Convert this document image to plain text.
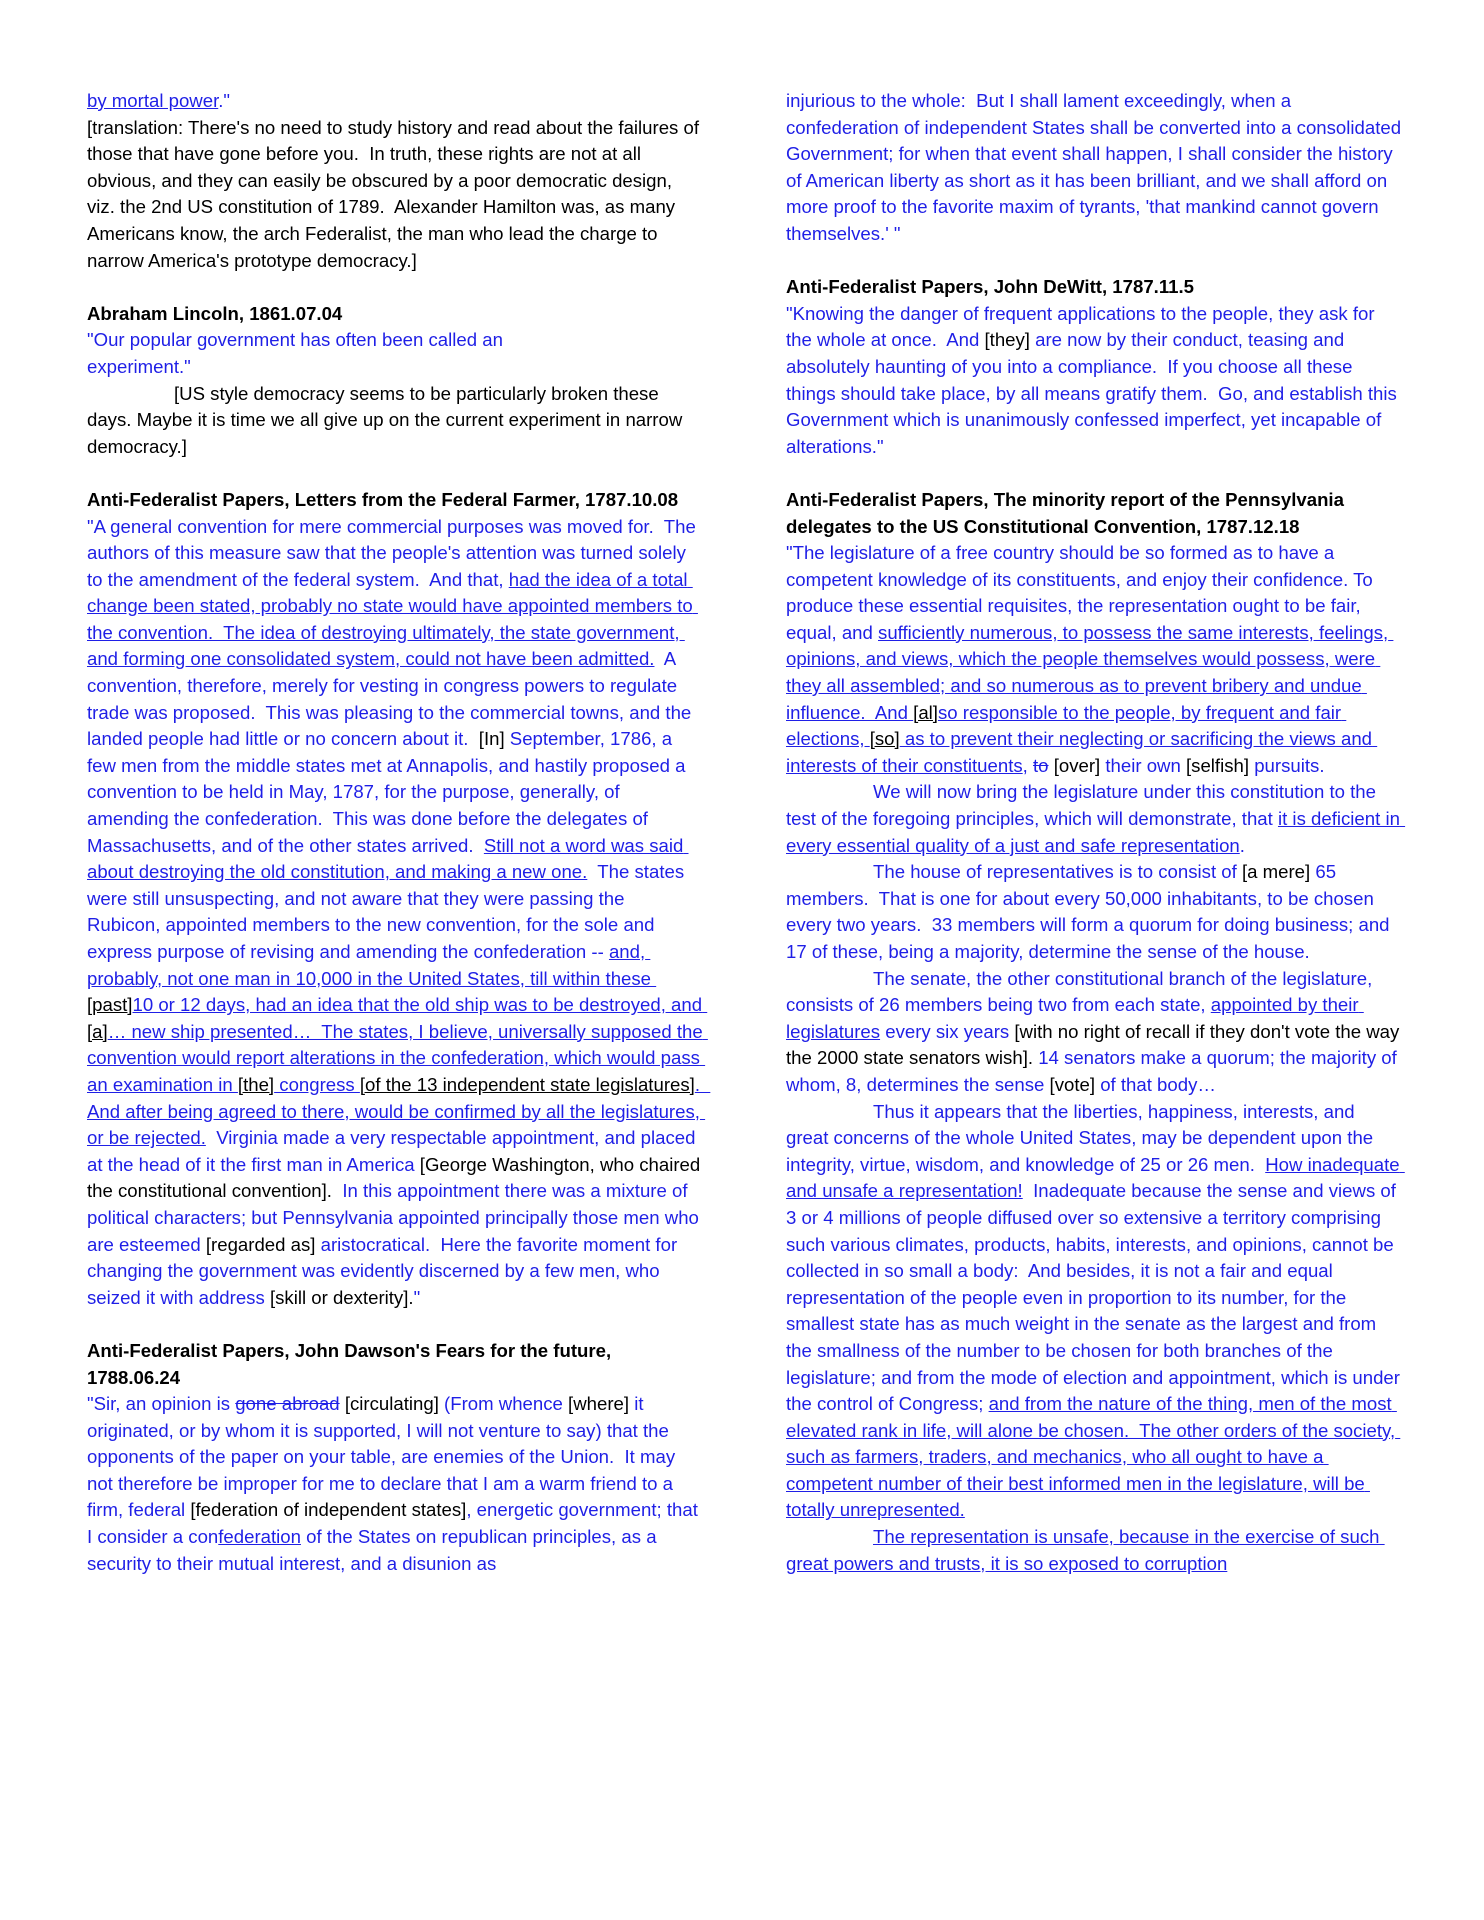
by mortal power."

[translation: There's no need to study history and read about the failures of those that have gone before you.  In truth, these rights are not at all obvious, and they can easily be obscured by a poor democratic design, viz. the 2nd US constitution of 1789.  Alexander Hamilton was, as many Americans know, the arch Federalist, the man who lead the charge to narrow America's prototype democracy.]

Abraham Lincoln, 1861.07.04

"Our popular government has often been called an
experiment."

[US style democracy seems to be particularly broken these days. Maybe it is time we all give up on the current experiment in narrow democracy.]

Anti-Federalist Papers, Letters from the Federal Farmer, 1787.10.08

"A general convention for mere commercial purposes was moved for.  The authors of this measure saw that the people's attention was turned solely to the amendment of the federal system.  And that, had the idea of a total change been stated, probably no state would have appointed members to the convention.  The idea of destroying ultimately, the state government, and forming one consolidated system, could not have been admitted.  A convention, therefore, merely for vesting in congress powers to regulate trade was proposed.  This was pleasing to the commercial towns, and the landed people had little or no concern about it.  [In] September, 1786, a few men from the middle states met at Annapolis, and hastily proposed a convention to be held in May, 1787, for the purpose, generally, of amending the confederation.  This was done before the delegates of Massachusetts, and of the other states arrived.  Still not a word was said about destroying the old constitution, and making a new one.  The states were still unsuspecting, and not aware that they were passing the Rubicon, appointed members to the new convention, for the sole and express purpose of revising and amending the confederation -- and, probably, not one man in 10,000 in the United States, till within these [past]10 or 12 days, had an idea that the old ship was to be destroyed, and [a]… new ship presented…  The states, I believe, universally supposed the convention would report alterations in the confederation, which would pass an examination in [the] congress [of the 13 independent state legislatures].  And after being agreed to there, would be confirmed by all the legislatures, or be rejected.  Virginia made a very respectable appointment, and placed at the head of it the first man in America [George Washington, who chaired the constitutional convention].  In this appointment there was a mixture of political characters; but Pennsylvania appointed principally those men who are esteemed [regarded as] aristocratical.  Here the favorite moment for changing the government was evidently discerned by a few men, who seized it with address [skill or dexterity]."

Anti-Federalist Papers, John Dawson's Fears for the future, 1788.06.24

"Sir, an opinion is gone abroad [circulating] (From whence [where] it originated, or by whom it is supported, I will not venture to say) that the opponents of the paper on your table, are enemies of the Union.  It may not therefore be improper for me to declare that I am a warm friend to a firm, federal [federation of independent states], energetic government; that I consider a confederation of the States on republican principles, as a security to their mutual interest, and a disunion as

injurious to the whole:  But I shall lament exceedingly, when a confederation of independent States shall be converted into a consolidated Government; for when that event shall happen, I shall consider the history of American liberty as short as it has been brilliant, and we shall afford on more proof to the favorite maxim of tyrants, 'that mankind cannot govern themselves.' "

Anti-Federalist Papers, John DeWitt, 1787.11.5

"Knowing the danger of frequent applications to the people, they ask for the whole at once.  And [they] are now by their conduct, teasing and absolutely haunting of you into a compliance.  If you choose all these things should take place, by all means gratify them.  Go, and establish this Government which is unanimously confessed imperfect, yet incapable of alterations."

Anti-Federalist Papers, The minority report of the Pennsylvania delegates to the US Constitutional Convention, 1787.12.18

"The legislature of a free country should be so formed as to have a competent knowledge of its constituents, and enjoy their confidence. To produce these essential requisites, the representation ought to be fair, equal, and sufficiently numerous, to possess the same interests, feelings, opinions, and views, which the people themselves would possess, were they all assembled; and so numerous as to prevent bribery and undue influence.  And [al]so responsible to the people, by frequent and fair elections, [so] as to prevent their neglecting or sacrificing the views and interests of their constituents, to [over] their own [selfish] pursuits.

We will now bring the legislature under this constitution to the test of the foregoing principles, which will demonstrate, that it is deficient in every essential quality of a just and safe representation.

The house of representatives is to consist of [a mere] 65 members.  That is one for about every 50,000 inhabitants, to be chosen every two years.  33 members will form a quorum for doing business; and 17 of these, being a majority, determine the sense of the house.

The senate, the other constitutional branch of the legislature, consists of 26 members being two from each state, appointed by their legislatures every six years [with no right of recall if they don't vote the way the 2000 state senators wish]. 14 senators make a quorum; the majority of whom, 8, determines the sense [vote] of that body…

Thus it appears that the liberties, happiness, interests, and great concerns of the whole United States, may be dependent upon the integrity, virtue, wisdom, and knowledge of 25 or 26 men.  How inadequate and unsafe a representation!  Inadequate because the sense and views of 3 or 4 millions of people diffused over so extensive a territory comprising such various climates, products, habits, interests, and opinions, cannot be collected in so small a body:  And besides, it is not a fair and equal representation of the people even in proportion to its number, for the smallest state has as much weight in the senate as the largest and from the smallness of the number to be chosen for both branches of the legislature; and from the mode of election and appointment, which is under the control of Congress; and from the nature of the thing, men of the most elevated rank in life, will alone be chosen.  The other orders of the society, such as farmers, traders, and mechanics, who all ought to have a competent number of their best informed men in the legislature, will be totally unrepresented.

The representation is unsafe, because in the exercise of such great powers and trusts, it is so exposed to corruption
